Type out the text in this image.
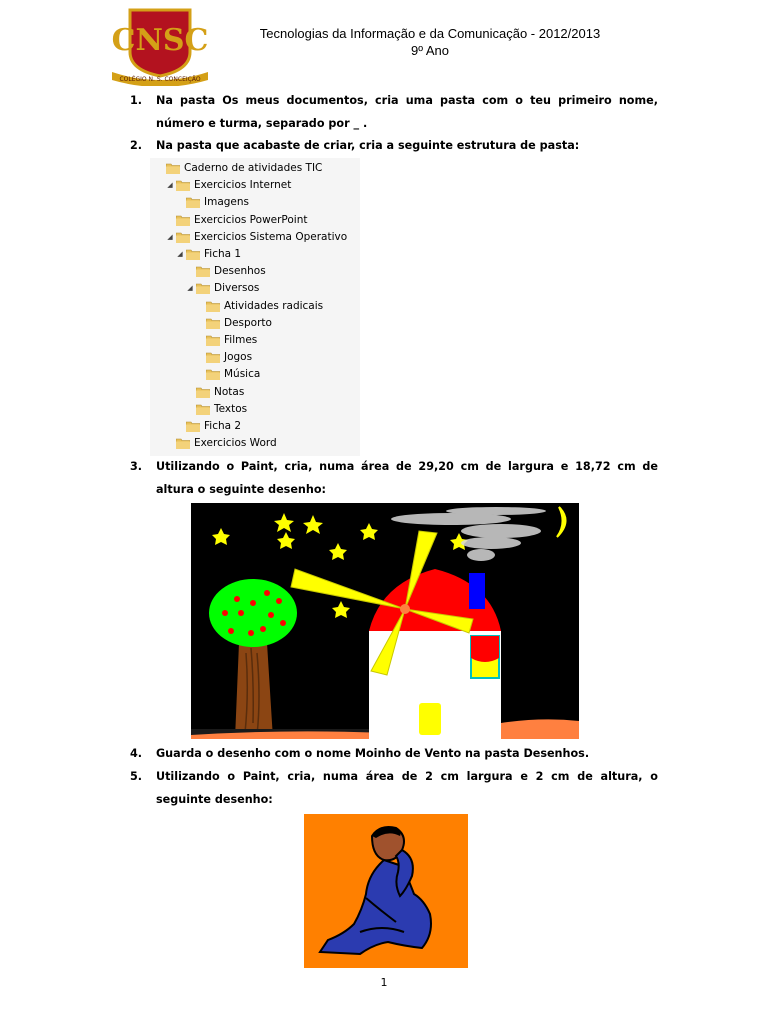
CNSC
COLÉGIO N. S. CONCEIÇÃO
Tecnologias da Informação e da Comunicação - 2012/2013
9º Ano
1. Na pasta Os meus documentos, cria uma pasta com o teu primeiro nome, número e turma, separado por _ .
2. Na pasta que acabaste de criar, cria a seguinte estrutura de pasta:
Caderno de atividades TIC
◢ Exercicios Internet
Imagens
Exercicios PowerPoint
◢ Exercicios Sistema Operativo
◢ Ficha 1
Desenhos
◢ Diversos
Atividades radicais
Desporto
Filmes
Jogos
Música
Notas
Textos
Ficha 2
Exercicios Word
3. Utilizando o Paint, cria, numa área de 29,20 cm de largura e 18,72 cm de altura o seguinte desenho:
4. Guarda o desenho com o nome Moinho de Vento na pasta Desenhos.
5. Utilizando o Paint, cria, numa área de 2 cm largura e 2 cm de altura, o seguinte desenho:
1
